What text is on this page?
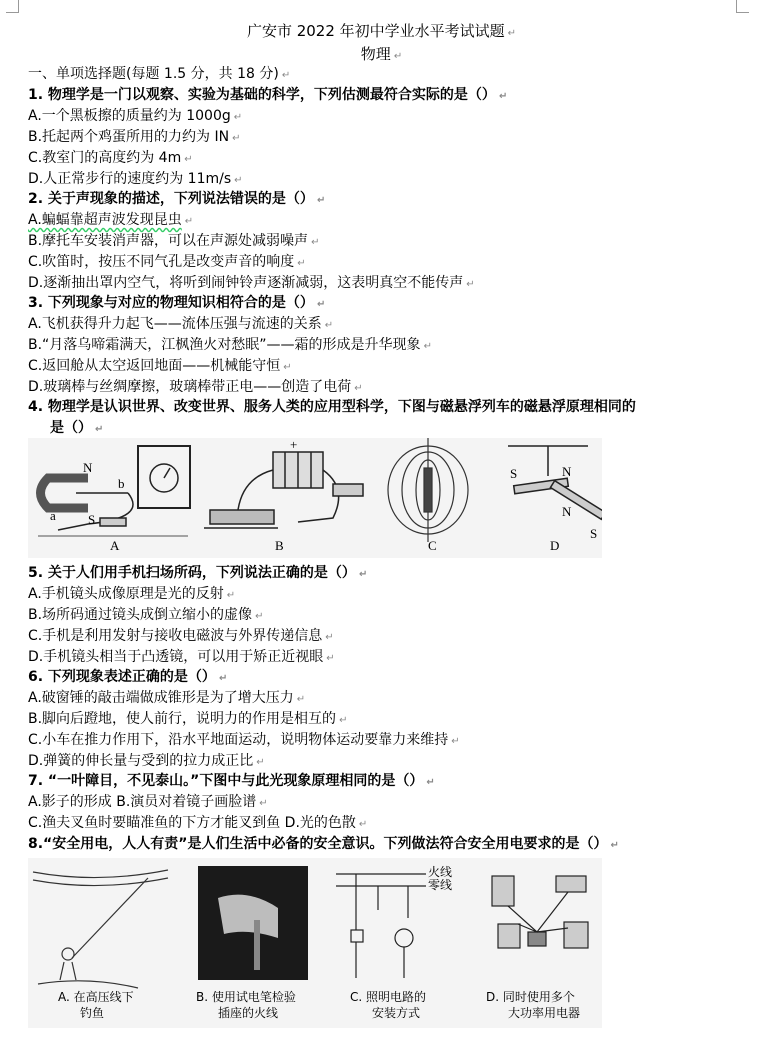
广安市 2022 年初中学业水平考试试题 ↵
物理 ↵
一、单项选择题(每题 1.5 分，共 18 分) ↵
1. 物理学是一门以观察、实验为基础的科学，下列估测最符合实际的是（） ↵
A.一个黑板擦的质量约为 1000g ↵
B.托起两个鸡蛋所用的力约为 IN ↵
C.教室门的高度约为 4m ↵
D.人正常步行的速度约为 11m/s ↵
2. 关于声现象的描述，下列说法错误的是（） ↵
A.蝙蝠靠超声波发现昆虫 ↵
B.摩托车安装消声器，可以在声源处减弱噪声 ↵
C.吹笛时，按压不同气孔是改变声音的响度 ↵
D.逐渐抽出罩内空气，将听到闹钟铃声逐渐减弱，这表明真空不能传声 ↵
3. 下列现象与对应的物理知识相符合的是（） ↵
A.飞机获得升力起飞——流体压强与流速的关系 ↵
B.“月落乌啼霜满天，江枫渔火对愁眠”——霜的形成是升华现象 ↵
C.返回舱从太空返回地面——机械能守恒 ↵
D.玻璃棒与丝绸摩擦，玻璃棒带正电——创造了电荷 ↵
4. 物理学是认识世界、改变世界、服务人类的应用型科学，下图与磁悬浮列车的磁悬浮原理相同的
是（） ↵
N
S
a
b
+
S	N
N
S
A	B	C	D
5. 关于人们用手机扫场所码，下列说法正确的是（） ↵
A.手机镜头成像原理是光的反射 ↵
B.场所码通过镜头成倒立缩小的虚像 ↵
C.手机是利用发射与接收电磁波与外界传递信息 ↵
D.手机镜头相当于凸透镜，可以用于矫正近视眼 ↵
6. 下列现象表述正确的是（） ↵
A.破窗锤的敲击端做成锥形是为了增大压力 ↵
B.脚向后蹬地，使人前行，说明力的作用是相互的 ↵
C.小车在推力作用下，沿水平地面运动，说明物体运动要靠力来维持 ↵
D.弹簧的伸长量与受到的拉力成正比 ↵
7. “一叶障目，不见泰山。”下图中与此光现象原理相同的是（） ↵
A.影子的形成 B.演员对着镜子画脸谱 ↵
C.渔夫叉鱼时要瞄准鱼的下方才能叉到鱼 D.光的色散 ↵
8.“安全用电，人人有责”是人们生活中必备的安全意识。下列做法符合安全用电要求的是（） ↵
火线
零线
A. 在高压线下
钓鱼
B. 使用试电笔检验
插座的火线
C. 照明电路的
安装方式
D. 同时使用多个
大功率用电器
